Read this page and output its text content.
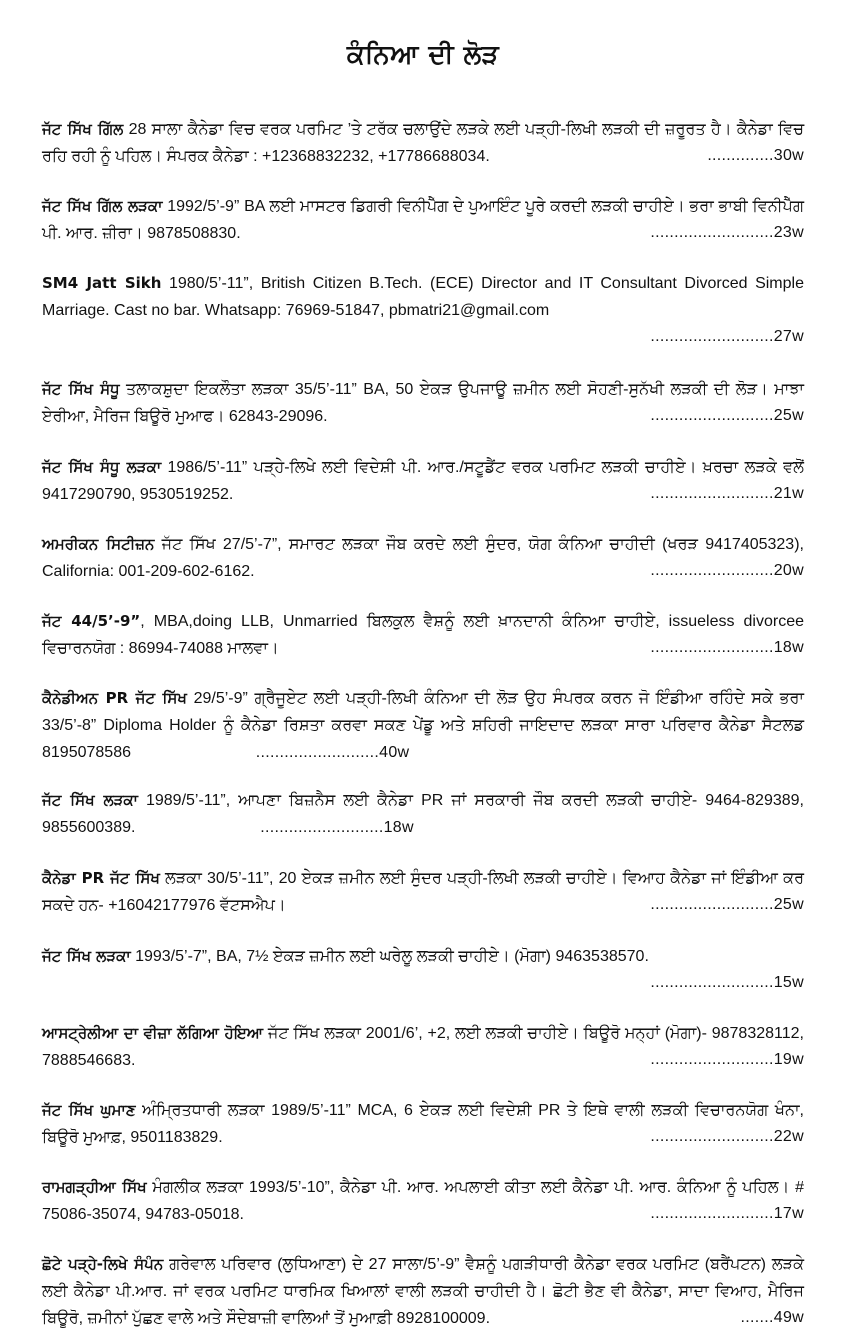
ਕੰਨਿਆ ਦੀ ਲੋੜ
ਜੱਟ ਸਿੱਖ ਗਿੱਲ 28 ਸਾਲਾ ਕੈਨੇਡਾ ਵਿਚ ਵਰਕ ਪਰਮਿਟ ’ਤੇ ਟਰੱਕ ਚਲਾਉਂਦੇ ਲੜਕੇ ਲਈ ਪੜ੍ਹੀ-ਲਿਖੀ ਲੜਕੀ ਦੀ ਜ਼ਰੂਰਤ ਹੈ। ਕੈਨੇਡਾ ਵਿਚ ਰਹਿ ਰਹੀ ਨੂੰ ਪਹਿਲ। ਸੰਪਰਕ ਕੈਨੇਡਾ : +12368832232, +17786688034.	..............30w
ਜੱਟ ਸਿੱਖ ਗਿੱਲ ਲੜਕਾ 1992/5’-9” BA ਲਈ ਮਾਸਟਰ ਡਿਗਰੀ ਵਿਨੀਪੈੱਗ ਦੇ ਪੁਆਇੰਟ ਪੂਰੇ ਕਰਦੀ ਲੜਕੀ ਚਾਹੀਏ। ਭਰਾ ਭਾਬੀ ਵਿਨੀਪੈੱਗ ਪੀ. ਆਰ. ਜ਼ੀਰਾ। 9878508830.	..........................23w
SM4 Jatt Sikh 1980/5’-11”, British Citizen B.Tech. (ECE) Director and IT Consultant Divorced Simple Marriage. Cast no bar. Whatsapp: 76969-51847, pbmatri21@gmail.com
..........................27w
ਜੱਟ ਸਿੱਖ ਸੰਧੂ ਤਲਾਕਸ਼ੁਦਾ ਇਕਲੌਤਾ ਲੜਕਾ 35/5’-11” BA, 50 ਏਕੜ ਉਪਜਾਊ ਜ਼ਮੀਨ ਲਈ ਸੋਹਣੀ-ਸੁਨੱਖੀ ਲੜਕੀ ਦੀ ਲੋੜ। ਮਾਝਾ ਏਰੀਆ, ਮੈਰਿਜ ਬਿਊਰੋ ਮੁਆਫ। 62843-29096.	..........................25w
ਜੱਟ ਸਿੱਖ ਸੰਧੂ ਲੜਕਾ 1986/5’-11” ਪੜ੍ਹੇ-ਲਿਖੇ ਲਈ ਵਿਦੇਸ਼ੀ ਪੀ. ਆਰ./ਸਟੂਡੈਂਟ ਵਰਕ ਪਰਮਿਟ ਲੜਕੀ ਚਾਹੀਏ। ਖ਼ਰਚਾ ਲੜਕੇ ਵਲੋਂ 9417290790, 9530519252.	..........................21w
ਅਮਰੀਕਨ ਸਿਟੀਜ਼ਨ ਜੱਟ ਸਿੱਖ 27/5’-7”, ਸਮਾਰਟ ਲੜਕਾ ਜੌਬ ਕਰਦੇ ਲਈ ਸੁੰਦਰ, ਯੋਗ ਕੰਨਿਆ ਚਾਹੀਦੀ (ਖਰੜ 9417405323), California: 001-209-602-6162.	..........................20w
ਜੱਟ 44/5’-9”, MBA,doing LLB, Unmarried ਬਿਲਕੁਲ ਵੈਸ਼ਨੂੰ ਲਈ ਖ਼ਾਨਦਾਨੀ ਕੰਨਿਆ ਚਾਹੀਏ, issueless divorcee ਵਿਚਾਰਨਯੋਗ : 86994-74088 ਮਾਲਵਾ।	..........................18w
ਕੈਨੇਡੀਅਨ PR ਜੱਟ ਸਿੱਖ 29/5’-9” ਗ੍ਰੈਜੂਏਟ ਲਈ ਪੜ੍ਹੀ-ਲਿਖੀ ਕੰਨਿਆ ਦੀ ਲੋੜ ਉਹ ਸੰਪਰਕ ਕਰਨ ਜੋ ਇੰਡੀਆ ਰਹਿੰਦੇ ਸਕੇ ਭਰਾ 33/5’-8” Diploma Holder ਨੂੰ ਕੈਨੇਡਾ ਰਿਸ਼ਤਾ ਕਰਵਾ ਸਕਣ ਪੇਂਡੂ ਅਤੇ ਸ਼ਹਿਰੀ ਜਾਇਦਾਦ ਲੜਕਾ ਸਾਰਾ ਪਰਿਵਾਰ ਕੈਨੇਡਾ ਸੈਟਲਡ 8195078586	..........................40w
ਜੱਟ ਸਿੱਖ ਲੜਕਾ 1989/5’-11”, ਆਪਣਾ ਬਿਜ਼ਨੈਸ ਲਈ ਕੈਨੇਡਾ PR ਜਾਂ ਸਰਕਾਰੀ ਜੌਬ ਕਰਦੀ ਲੜਕੀ ਚਾਹੀਏ- 9464-829389, 9855600389.	..........................18w
ਕੈਨੇਡਾ PR ਜੱਟ ਸਿੱਖ ਲੜਕਾ 30/5’-11”, 20 ਏਕੜ ਜ਼ਮੀਨ ਲਈ ਸੁੰਦਰ ਪੜ੍ਹੀ-ਲਿਖੀ ਲੜਕੀ ਚਾਹੀਏ। ਵਿਆਹ ਕੈਨੇਡਾ ਜਾਂ ਇੰਡੀਆ ਕਰ ਸਕਦੇ ਹਨ- +16042177976 ਵੱਟਸਐਪ।	..........................25w
ਜੱਟ ਸਿੱਖ ਲੜਕਾ 1993/5’-7”, BA, 7½ ਏਕੜ ਜ਼ਮੀਨ ਲਈ ਘਰੇਲੂ ਲੜਕੀ ਚਾਹੀਏ। (ਮੋਗਾ) 9463538570.
..........................15w
ਆਸਟ੍ਰੇਲੀਆ ਦਾ ਵੀਜ਼ਾ ਲੱਗਿਆ ਹੋਇਆ ਜੱਟ ਸਿੱਖ ਲੜਕਾ 2001/6’, +2, ਲਈ ਲੜਕੀ ਚਾਹੀਏ। ਬਿਊਰੋ ਮਨ੍ਹਾਂ (ਮੋਗਾ)- 9878328112, 7888546683.	..........................19w
ਜੱਟ ਸਿੱਖ ਘੁਮਾਣ ਅੰਮ੍ਰਿਤਧਾਰੀ ਲੜਕਾ 1989/5’-11” MCA, 6 ਏਕੜ ਲਈ ਵਿਦੇਸ਼ੀ PR ਤੇ ਇਥੇ ਵਾਲੀ ਲੜਕੀ ਵਿਚਾਰਨਯੋਗ ਖੰਨਾ, ਬਿਊਰੋ ਮੁਆਫ਼, 9501183829.	..........................22w
ਰਾਮਗੜ੍ਹੀਆ ਸਿੱਖ ਮੰਗਲੀਕ ਲੜਕਾ 1993/5’-10”, ਕੈਨੇਡਾ ਪੀ. ਆਰ. ਅਪਲਾਈ ਕੀਤਾ ਲਈ ਕੈਨੇਡਾ ਪੀ. ਆਰ. ਕੰਨਿਆ ਨੂੰ ਪਹਿਲ। # 75086-35074, 94783-05018.	..........................17w
ਛੋਟੇ ਪੜ੍ਹੇ-ਲਿਖੇ ਸੰਪੰਨ ਗਰੇਵਾਲ ਪਰਿਵਾਰ (ਲੁਧਿਆਣਾ) ਦੇ 27 ਸਾਲਾ/5’-9” ਵੈਸ਼ਨੂੰ ਪਗੜੀਧਾਰੀ ਕੈਨੇਡਾ ਵਰਕ ਪਰਮਿਟ (ਬਰੈਂਪਟਨ) ਲੜਕੇ ਲਈ ਕੈਨੇਡਾ ਪੀ.ਆਰ. ਜਾਂ ਵਰਕ ਪਰਮਿਟ ਧਾਰਮਿਕ ਖਿਆਲਾਂ ਵਾਲੀ ਲੜਕੀ ਚਾਹੀਦੀ ਹੈ। ਛੋਟੀ ਭੈਣ ਵੀ ਕੈਨੇਡਾ, ਸਾਦਾ ਵਿਆਹ, ਮੈਰਿਜ ਬਿਊਰੋ, ਜ਼ਮੀਨਾਂ ਪੁੱਛਣ ਵਾਲੇ ਅਤੇ ਸੌਦੇਬਾਜ਼ੀ ਵਾਲਿਆਂ ਤੋਂ ਮੁਆਫ਼ੀ 8928100009.	.......49w
